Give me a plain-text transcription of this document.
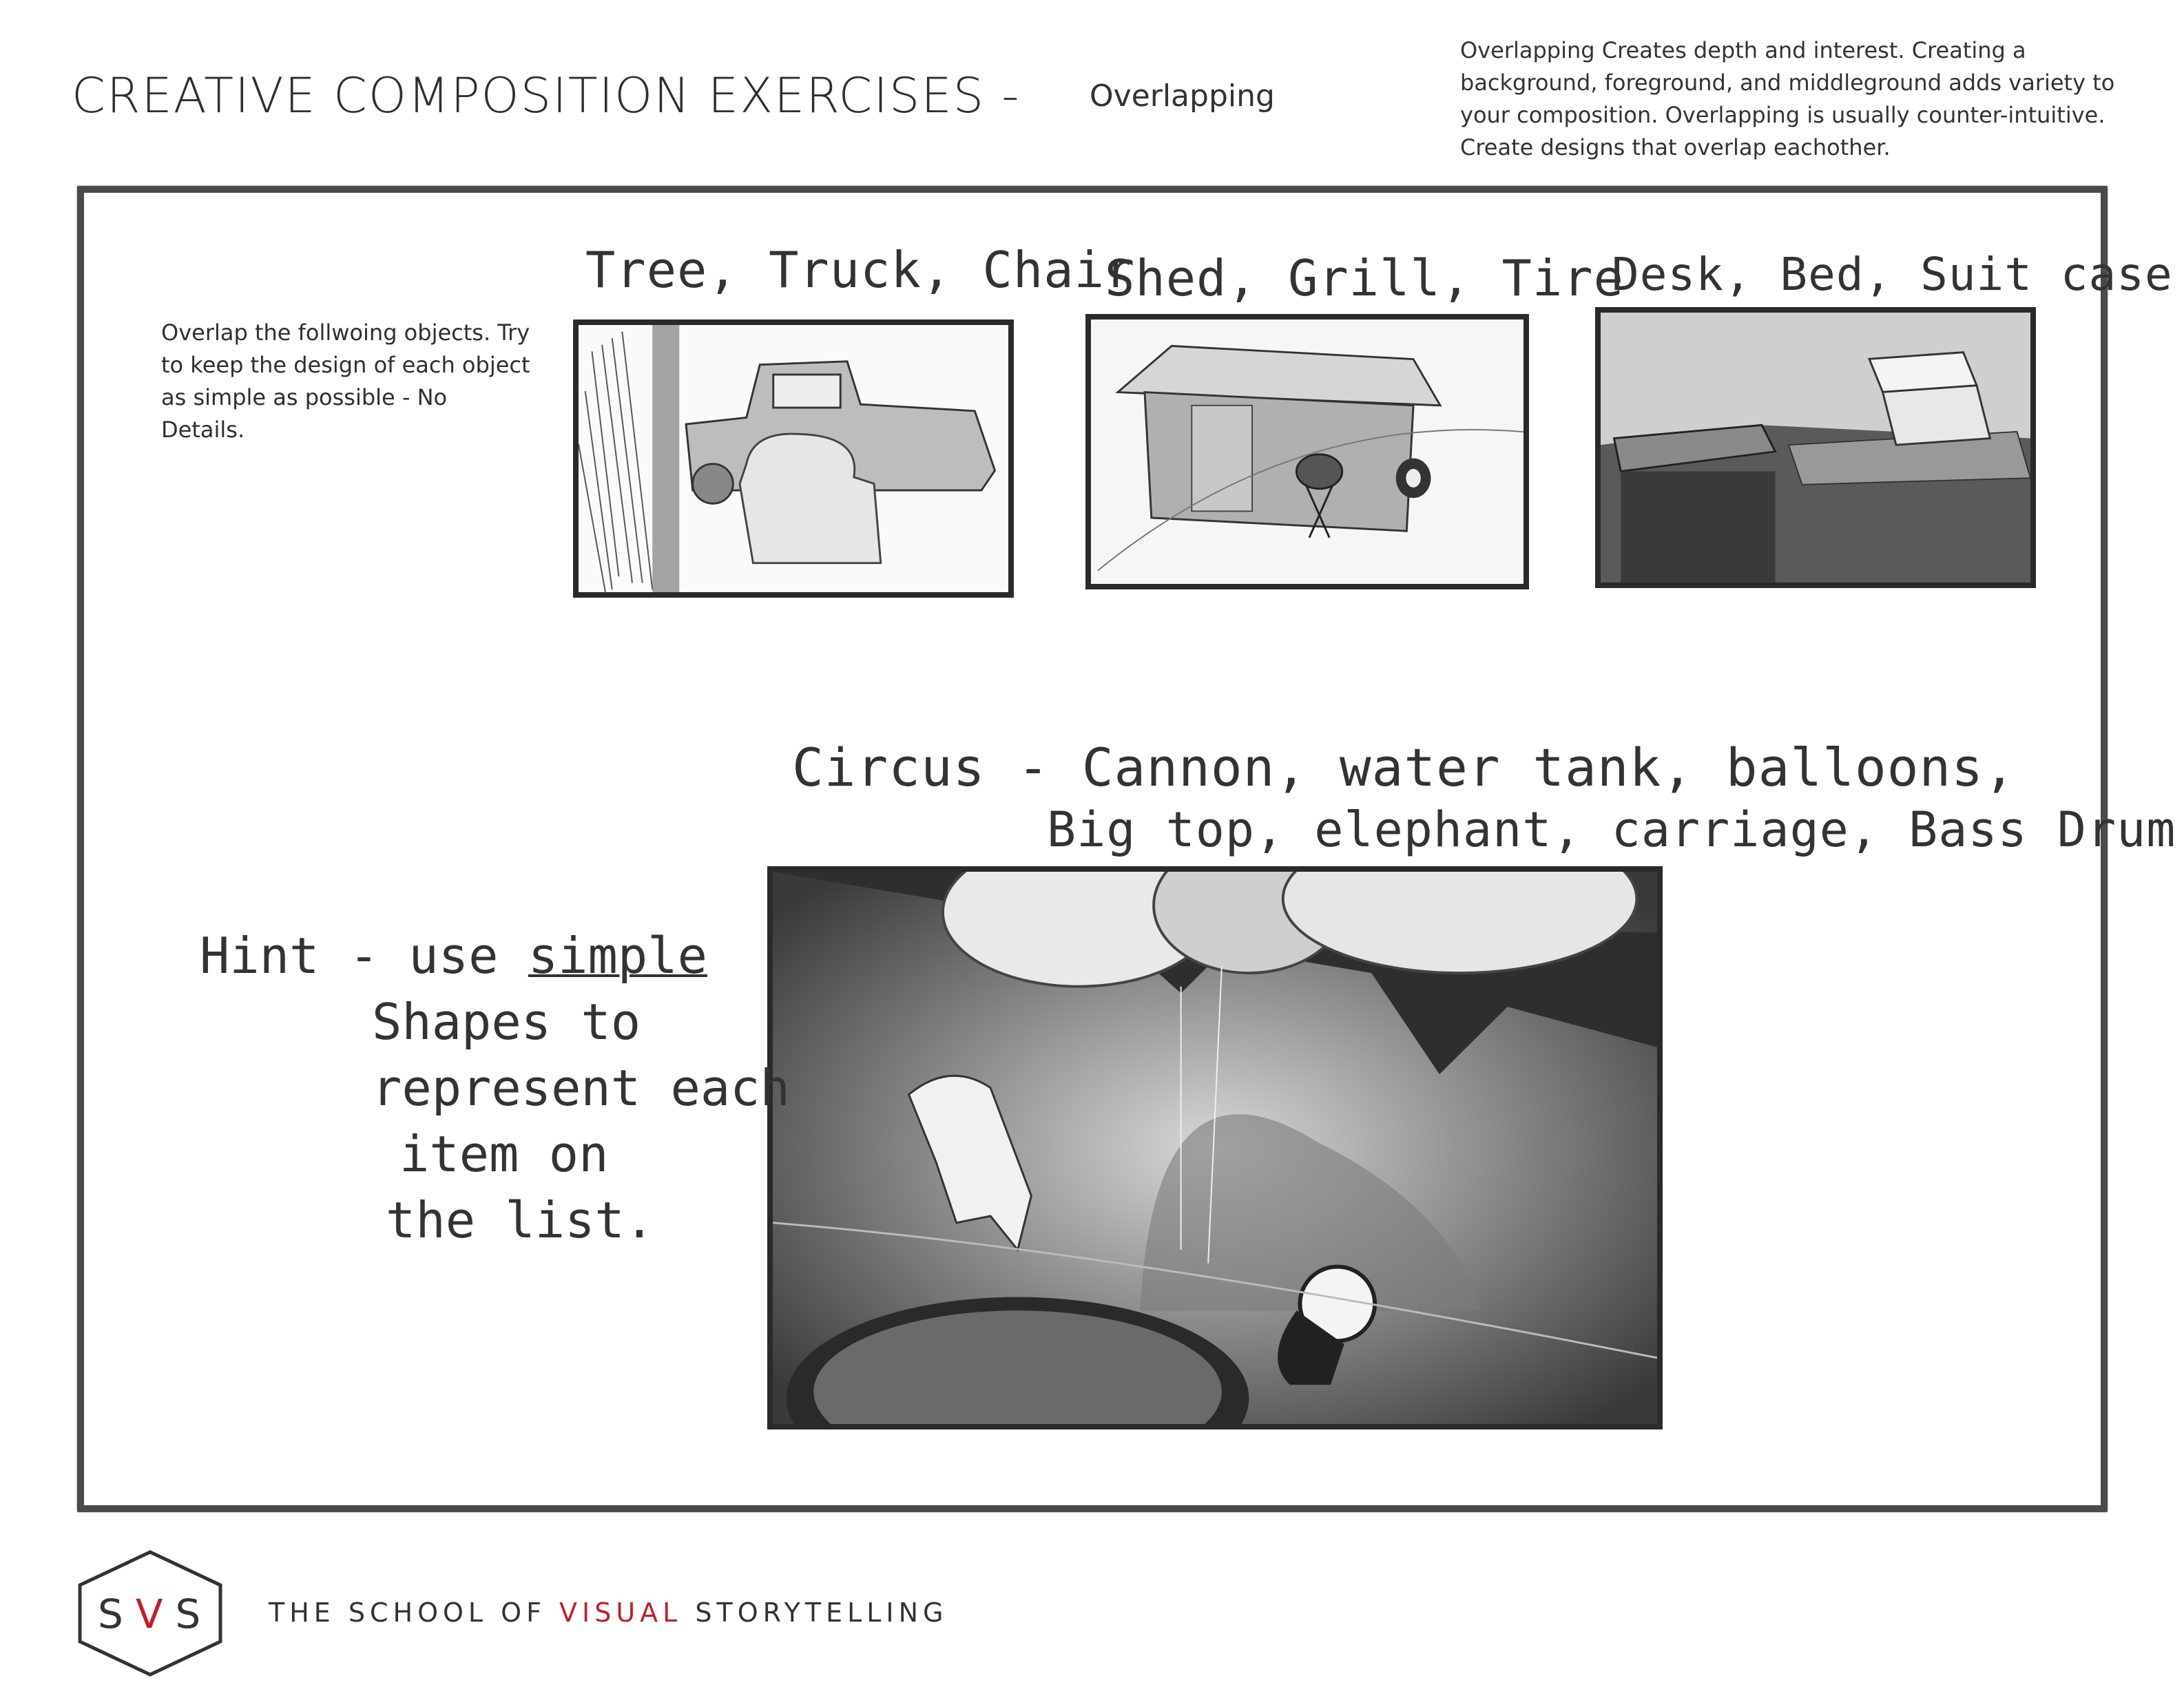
CREATIVE COMPOSITION EXERCISES - Overlapping
Overlapping Creates depth and interest. Creating a background, foreground, and middleground adds variety to your composition. Overlapping is usually counter-intuitive. Create designs that overlap eachother.
Overlap the follwoing objects. Try to keep the design of each object as simple as possible - No Details.
Tree, Truck, Chair
Shed, Grill, Tire
Desk, Bed, Suit case
Circus - Cannon, water tank, balloons,
Big top, elephant, carriage, Bass Drum
Hint - use simple
Shapes to
represent each
item on
the list.
SVS THE SCHOOL OF VISUAL STORYTELLING
